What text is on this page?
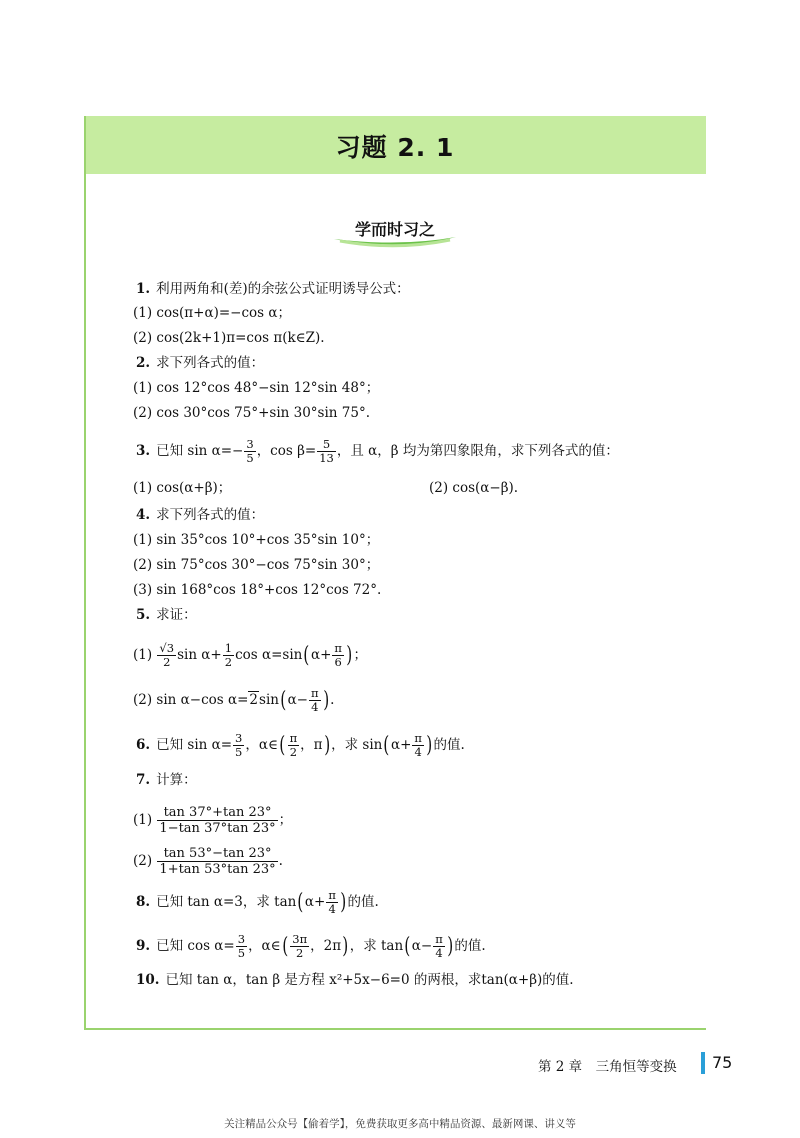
习题 2. 1
学而时习之
1. 利用两角和(差)的余弦公式证明诱导公式：
(1) cos(π+α)=−cos α；
(2) cos(2k+1)π=cos π(k∈Z).
2. 求下列各式的值：
(1) cos 12°cos 48°−sin 12°sin 48°；
(2) cos 30°cos 75°+sin 30°sin 75°.
3. 已知 $\sin \alpha=- \frac{3}{5}$ ，$\cos \beta= \frac{5}{13}$ ，且 α，β 均为第四象限角，求下列各式的值：
(1) cos(α+β)；	(2) cos(α−β).
4. 求下列各式的值：
(1) sin 35°cos 10°+cos 35°sin 10°；
(2) sin 75°cos 30°−cos 75°sin 30°；
(3) sin 168°cos 18°+cos 12°cos 72°.
5. 求证：
$(1) \frac{√3}{2}$ $\sin \alpha+ \frac{1}{2}$ $\cos \alpha=\sin(\alpha+ \frac{\pi}{6}$ )；
(2) sin α−cos $\alpha=2\sin(\alpha- \frac{\pi}{4}$ ).
6. 已知 $\sin \alpha= \frac{3}{5}$ ，α∈( $\frac{\pi}{2}$ ，π)，求 $\sin(\alpha+ \frac{\pi}{4}$ )的值.
7. 计算：
$(1) \frac{\tan 37^\circ+\tan 23^\circ}{1-\tan 37^\circ\tan 23^\circ}$ ；
$(2) \frac{\tan 53^\circ-\tan 23^\circ}{1+\tan 53^\circ\tan 23^\circ}$ .
8. 已知 tan α=3，求 $\tan(\alpha+ \frac{\pi}{4}$ )的值.
9. 已知 $\cos \alpha= \frac{3}{5}$ ，α∈( $\frac{3\pi}{2}$ ，2π)，求 $\tan(\alpha- \frac{\pi}{4}$ )的值.
10. 已知 tan α，tan β 是方程 x²+5x−6=0 的两根，求tan(α+β)的值.
第 2 章　三角恒等变换 75
关注精品公众号【偷着学】，免费获取更多高中精品资源、最新网课、讲义等
